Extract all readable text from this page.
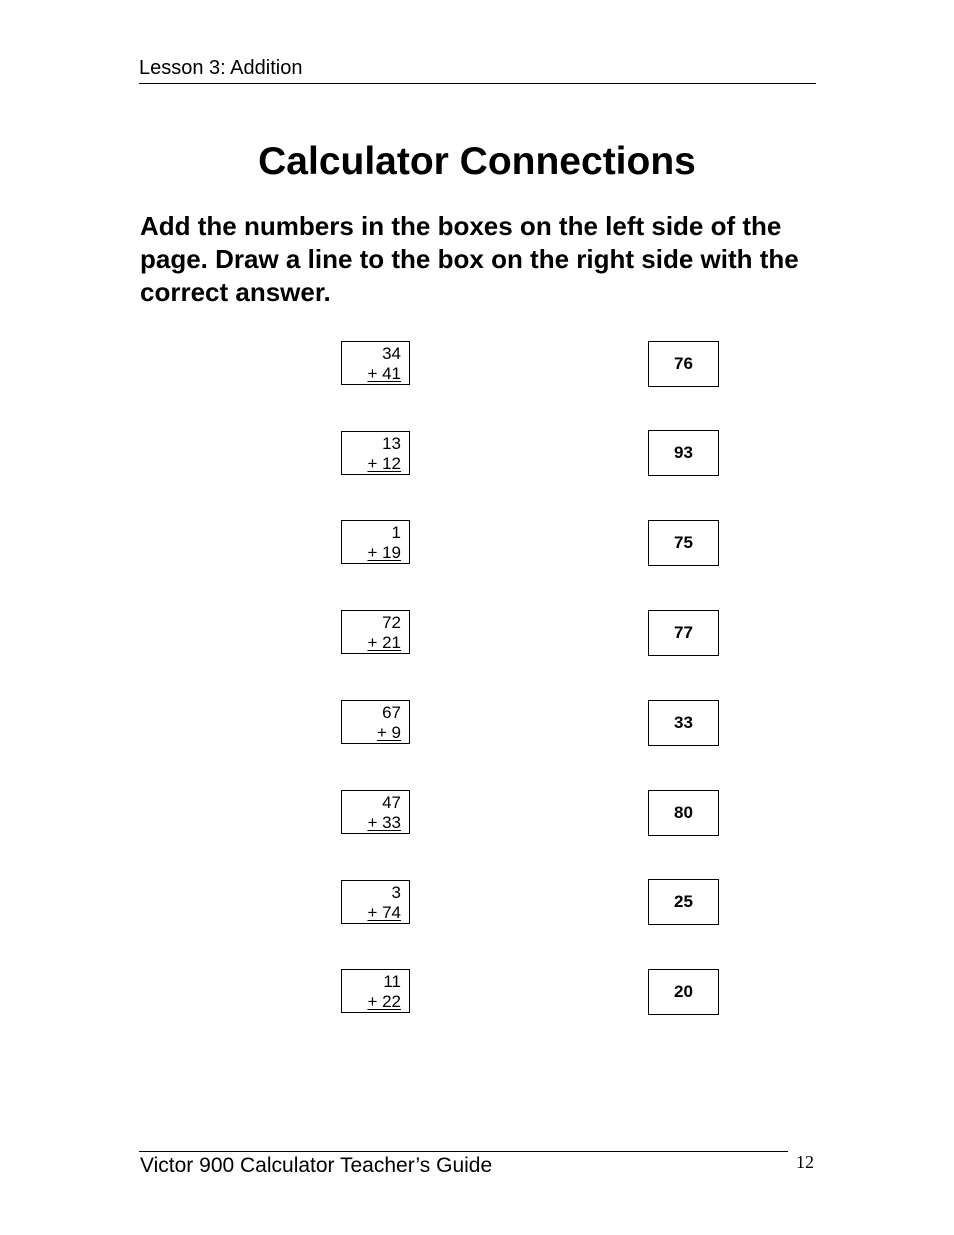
Lesson 3: Addition
Calculator Connections
Add the numbers in the boxes on the left side of the page. Draw a line to the box on the right side with the correct answer.
34
+ 41
13
+ 12
1
+ 19
72
+ 21
67
+ 9
47
+ 33
3
+ 74
11
+ 22
76
93
75
77
33
80
25
20
Victor 900 Calculator Teacher’s Guide	12
